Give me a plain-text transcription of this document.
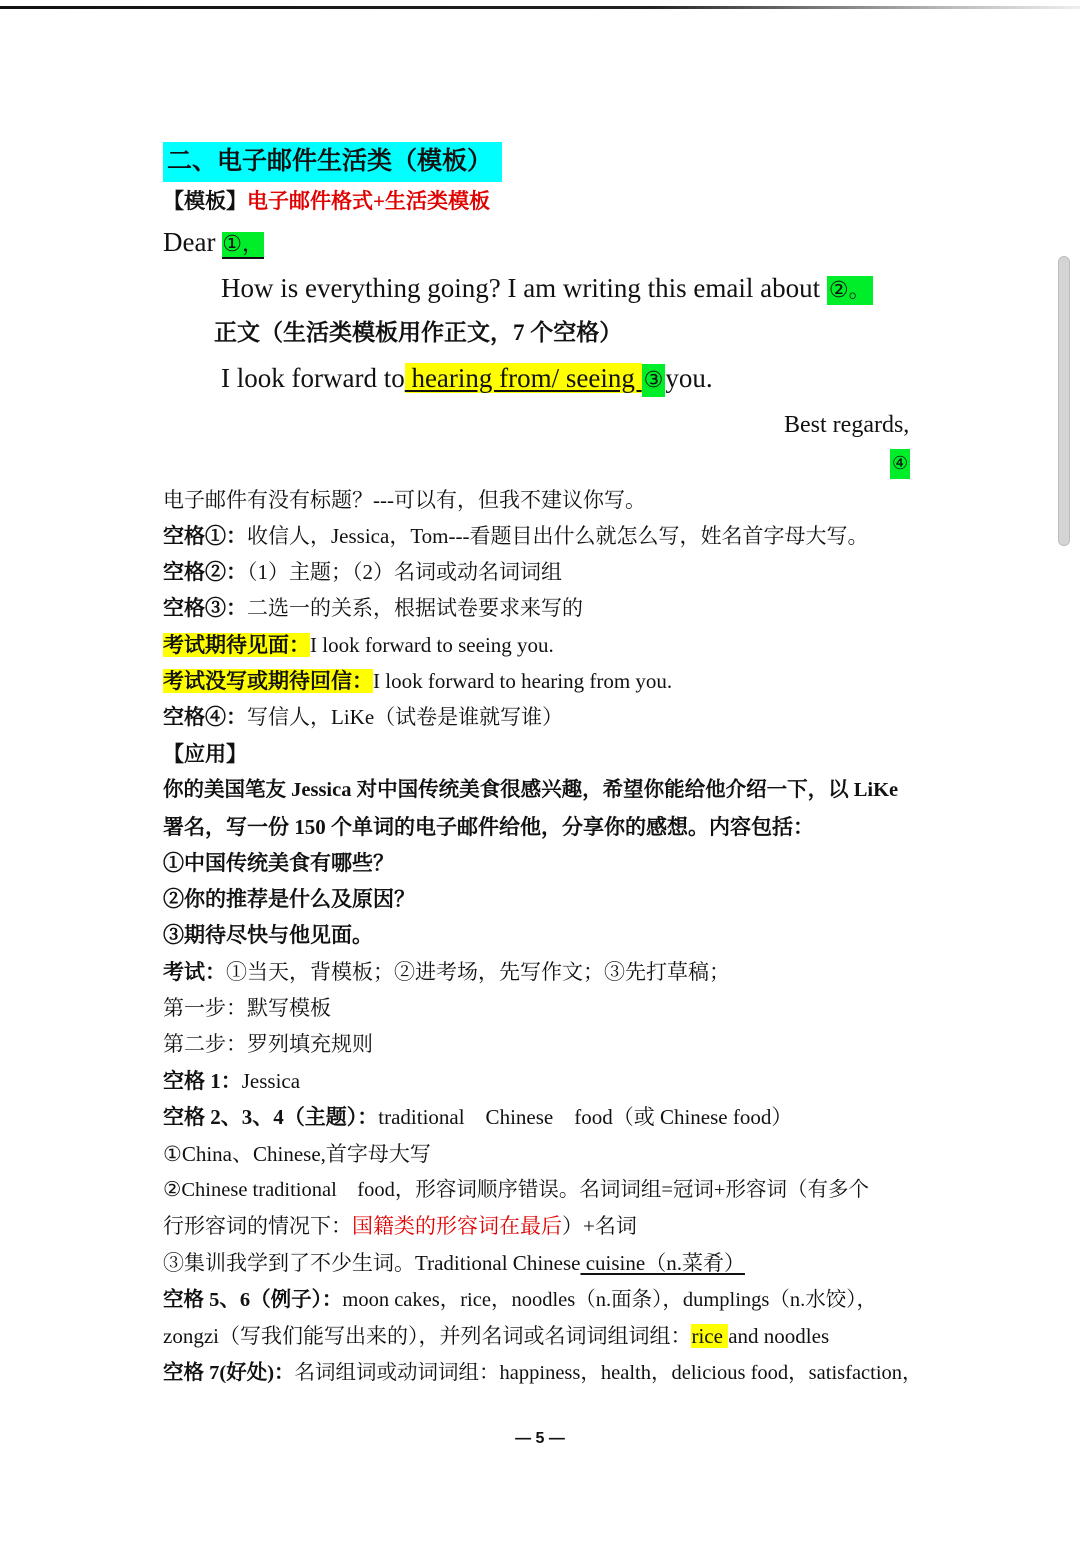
二、电子邮件生活类（模板）
【模板】电子邮件格式+生活类模板
Dear ①，
How is everything going? I am writing this email about ②。
正文（生活类模板用作正文，7 个空格）
I look forward to hearing from/ seeing ③you.
Best regards,
④
电子邮件有没有标题？---可以有，但我不建议你写。
空格①：收信人，Jessica，Tom---看题目出什么就怎么写，姓名首字母大写。
空格②：（1）主题；（2）名词或动名词词组
空格③：二选一的关系，根据试卷要求来写的
考试期待见面：I look forward to seeing you.
考试没写或期待回信：I look forward to hearing from you.
空格④：写信人，LiKe（试卷是谁就写谁）
【应用】
你的美国笔友 Jessica 对中国传统美食很感兴趣，希望你能给他介绍一下，以 LiKe
署名，写一份 150 个单词的电子邮件给他，分享你的感想。内容包括：
①中国传统美食有哪些？
②你的推荐是什么及原因？
③期待尽快与他见面。
考试：①当天，背模板；②进考场，先写作文；③先打草稿；
第一步：默写模板
第二步：罗列填充规则
空格 1：Jessica
空格 2、3、4（主题）：traditional    Chinese    food（或 Chinese food）
①China、Chinese,首字母大写
②Chinese traditional    food，形容词顺序错误。名词词组=冠词+形容词（有多个
行形容词的情况下：国籍类的形容词在最后）+名词
③集训我学到了不少生词。Traditional Chinese cuisine（n.菜肴）
空格 5、6（例子）：moon cakes，rice，noodles（n.面条），dumplings（n.水饺），
zongzi（写我们能写出来的），并列名词或名词词组词组：rice and noodles
空格 7(好处)：名词组词或动词词组：happiness，health，delicious food，satisfaction，
— 5 —
